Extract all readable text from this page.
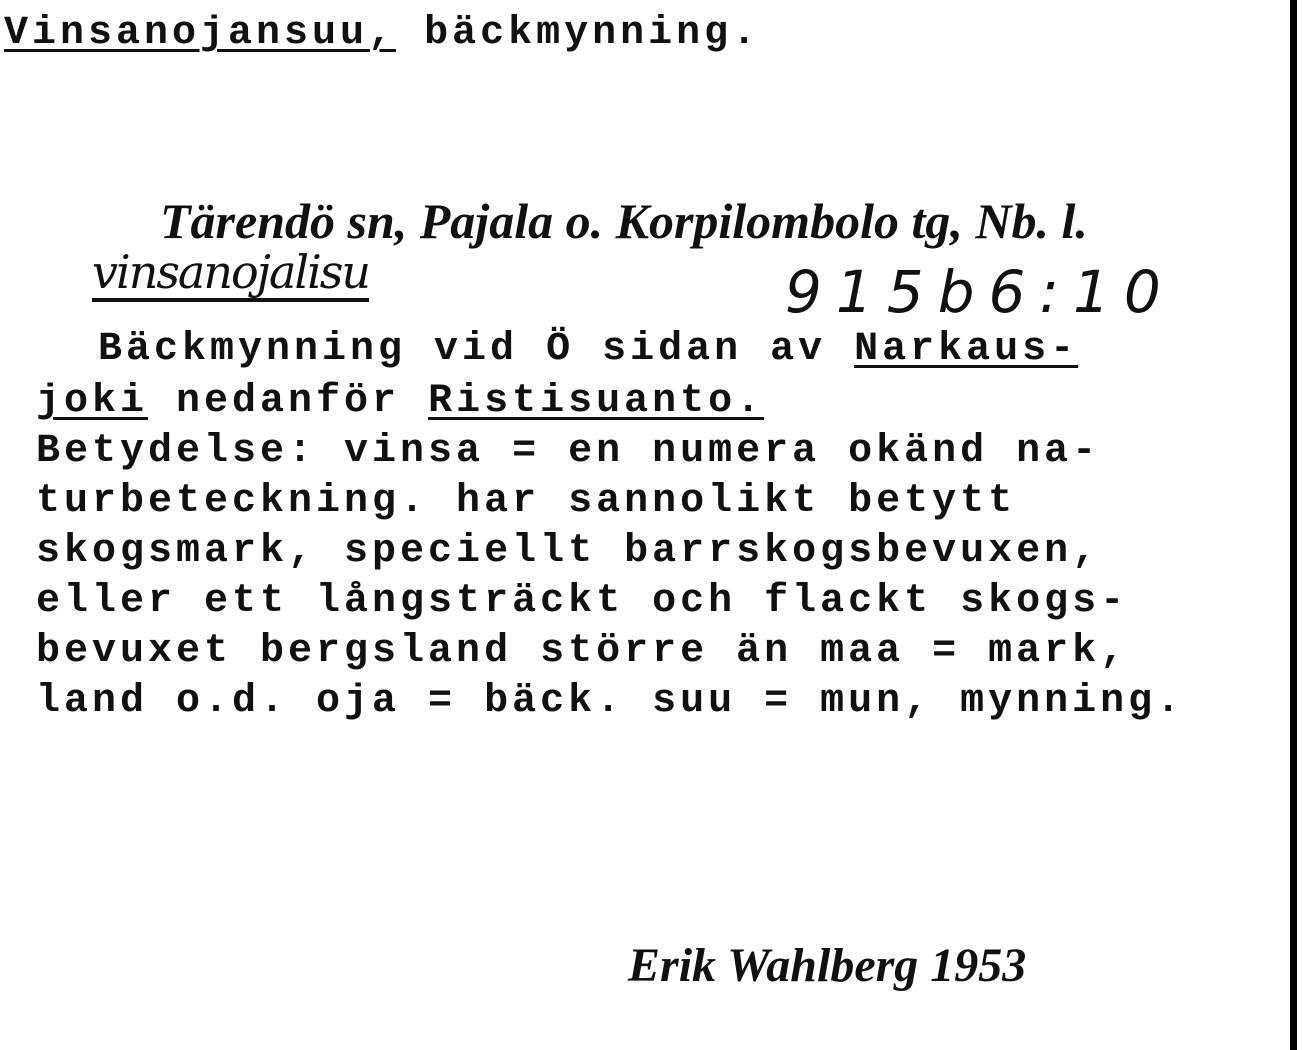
Vinsanojansuu, bäckmynning.
Tärendö sn, Pajala o. Korpilombolo tg, Nb. l.
vinsanojalisu	915b6:10
Bäckmynning vid Ö sidan av Narkaus-
joki nedanför Ristisuanto.
Betydelse: vinsa = en numera okänd na-
turbeteckning. har sannolikt betytt
skogsmark, speciellt barrskogsbevuxen,
eller ett långsträckt och flackt skogs-
bevuxet bergsland större än maa = mark,
land o.d. oja = bäck. suu = mun, mynning.
Erik Wahlberg 1953
